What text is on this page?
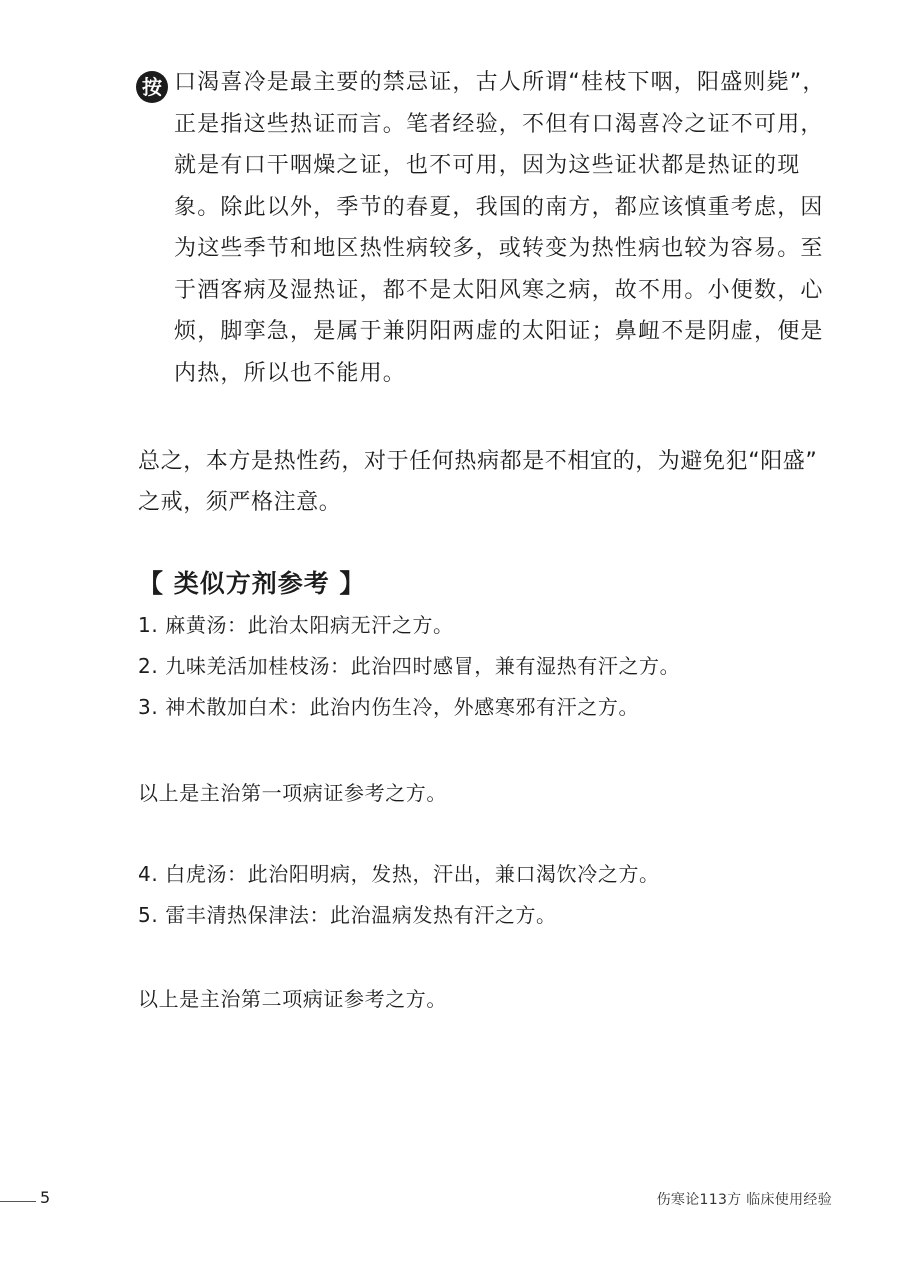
按 口渴喜冷是最主要的禁忌证，古人所谓“桂枝下咽，阳盛则毙”，正是指这些热证而言。笔者经验，不但有口渴喜冷之证不可用，就是有口干咽燥之证，也不可用，因为这些证状都是热证的现象。除此以外，季节的春夏，我国的南方，都应该慎重考虑，因为这些季节和地区热性病较多，或转变为热性病也较为容易。至于酒客病及湿热证，都不是太阳风寒之病，故不用。小便数，心烦，脚挛急，是属于兼阴阳两虚的太阳证；鼻衄不是阴虚，便是内热，所以也不能用。
总之，本方是热性药，对于任何热病都是不相宜的，为避免犯“阳盛” 之戒，须严格注意。
【 类似方剂参考 】
1. 麻黄汤：此治太阳病无汗之方。
2. 九味羌活加桂枝汤：此治四时感冒，兼有湿热有汗之方。
3. 神术散加白术：此治内伤生冷，外感寒邪有汗之方。
以上是主治第一项病证参考之方。
4. 白虎汤：此治阳明病，发热，汗出，兼口渴饮冷之方。
5. 雷丰清热保津法：此治温病发热有汗之方。
以上是主治第二项病证参考之方。
5	伤寒论113方 临床使用经验
